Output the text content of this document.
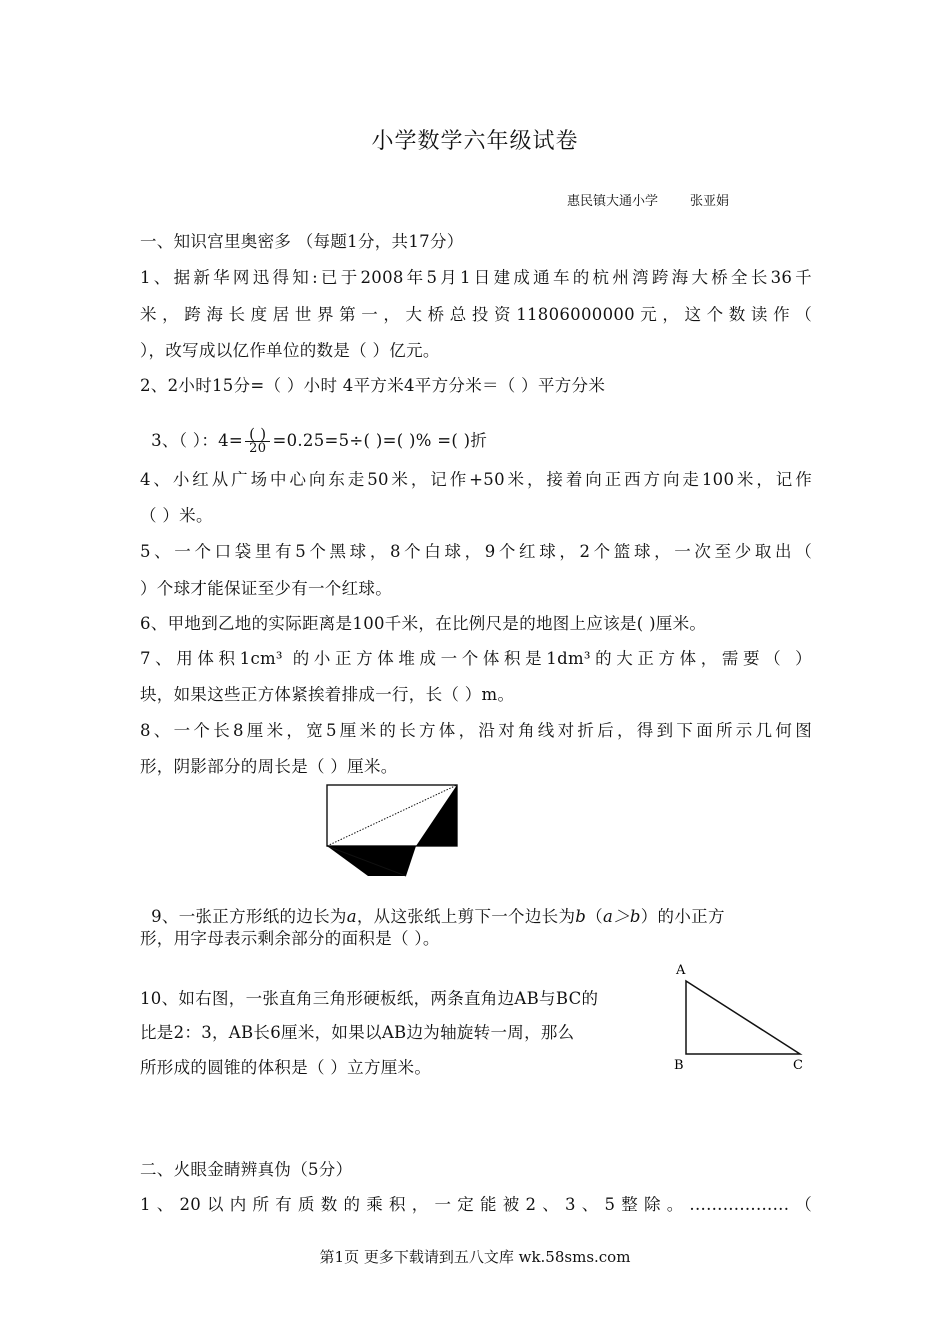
小学数学六年级试卷
惠民镇大通小学 张亚娟
一、知识宫里奥密多 （每题1分，共17分）
1、据新华网迅得知:已于2008年5月1日建成通车的杭州湾跨海大桥全长36千
米，跨海长度居世界第一，大桥总投资11806000000元，这个数读作（
），改写成以亿作单位的数是（ ）亿元。
2、2小时15分=（ ）小时 4平方米4平方分米＝（ ）平方分米

3、（ ）：$4= \frac{( )}{20} =0.25=5\div$( )=( )% =( )折

4、小红从广场中心向东走50米，记作+50米，接着向正西方向走100米，记作
（ ）米。
5、一个口袋里有5个黑球，8个白球，9个红球，2个篮球，一次至少取出（
）个球才能保证至少有一个红球。
6、甲地到乙地的实际距离是100千米，在比例尺是的地图上应该是( )厘米。
7、用体积1cm³ 的小正方体堆成一个体积是1dm³的大正方体，需要（ ）
块，如果这些正方体紧挨着排成一行，长（ ）m。
8、一个长8厘米，宽5厘米的长方体，沿对角线对折后，得到下面所示几何图
形，阴影部分的周长是（ ）厘米。

9、一张正方形纸的边长为a，从这张纸上剪下一个边长为b（a＞b）的小正方

形，用字母表示剩余部分的面积是（ ）。
10、如右图，一张直角三角形硬板纸，两条直角边AB与BC的
比是2：3，AB长6厘米，如果以AB边为轴旋转一周，那么
所形成的圆锥的体积是（ ）立方厘米。
A
B	C
二、火眼金睛辨真伪（5分）
1、20以内所有质数的乘积，一定能被2、3、5整除。..................（
第1页 更多下载请到五八文库 wk.58sms.com
